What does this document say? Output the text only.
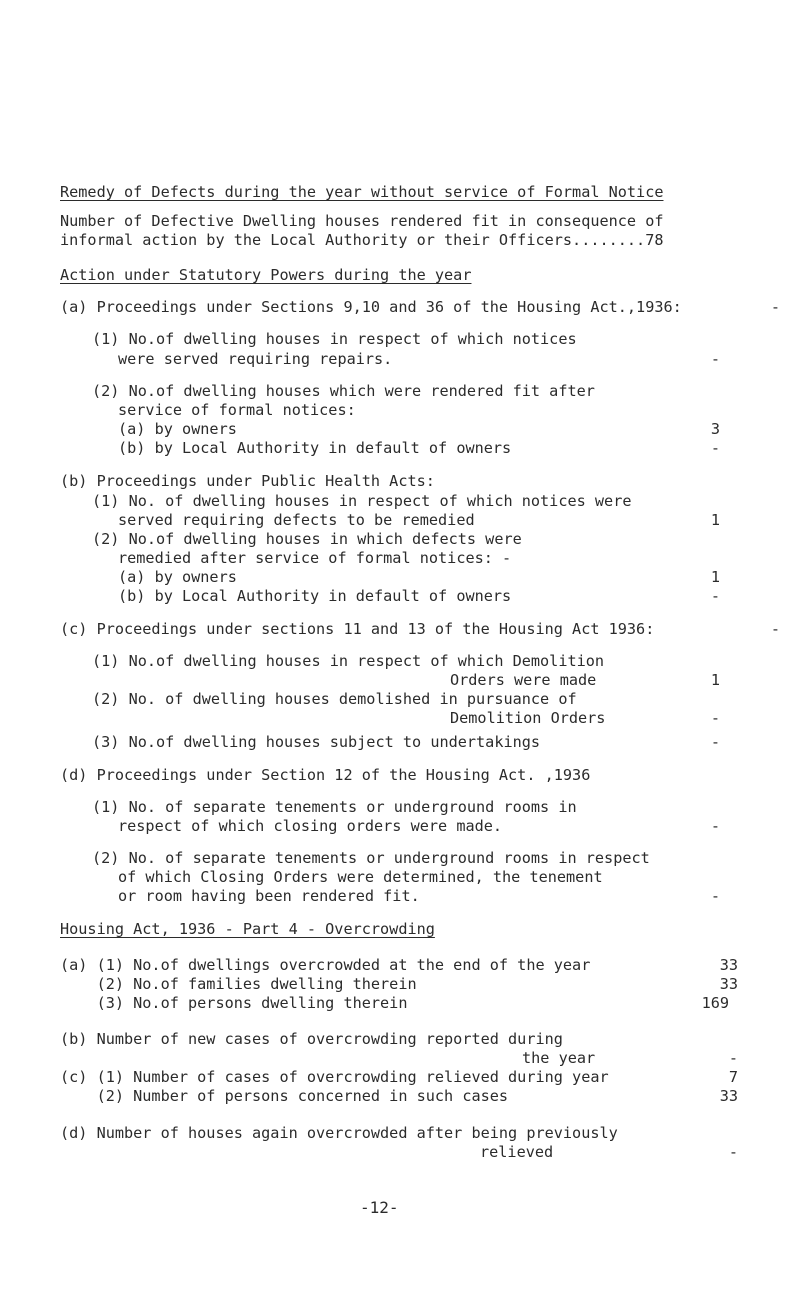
Remedy of Defects during the year without service of Formal Notice
Number of Defective Dwelling houses rendered fit in consequence of
informal action by the Local Authority or their Officers........78
Action under Statutory Powers during the year
(a) Proceedings under Sections 9,10 and 36 of the Housing Act.,1936:	-
(1) No.of dwelling houses in respect of which notices
were served requiring repairs.	-
(2) No.of dwelling houses which were rendered fit after
service of formal notices:
(a) by owners	3
(b) by Local Authority in default of owners	-
(b) Proceedings under Public Health Acts:
(1) No. of dwelling houses in respect of which notices were
served requiring defects to be remedied	1
(2) No.of dwelling houses in which defects were
remedied after service of formal notices: -
(a) by owners	1
(b) by Local Authority in default of owners	-
(c) Proceedings under sections 11 and 13 of the Housing Act 1936:	-
(1) No.of dwelling houses in respect of which Demolition
Orders were made	1
(2) No. of dwelling houses demolished in pursuance of
Demolition Orders	-
(3) No.of dwelling houses subject to undertakings	-
(d) Proceedings under Section 12 of the Housing Act. ,1936
(1) No. of separate tenements or underground rooms in
respect of which closing orders were made.	-
(2) No. of separate tenements or underground rooms in respect
of which Closing Orders were determined, the tenement
or room having been rendered fit.	-
Housing Act, 1936 - Part 4 - Overcrowding
(a) (1) No.of dwellings overcrowded at the end of the year	33
(2) No.of families dwelling therein	33
(3) No.of persons dwelling therein	169
(b) Number of new cases of overcrowding reported during
the year	-
(c) (1) Number of cases of overcrowding relieved during year	7
(2) Number of persons concerned in such cases	33
(d) Number of houses again overcrowded after being previously
relieved	-
-12-
